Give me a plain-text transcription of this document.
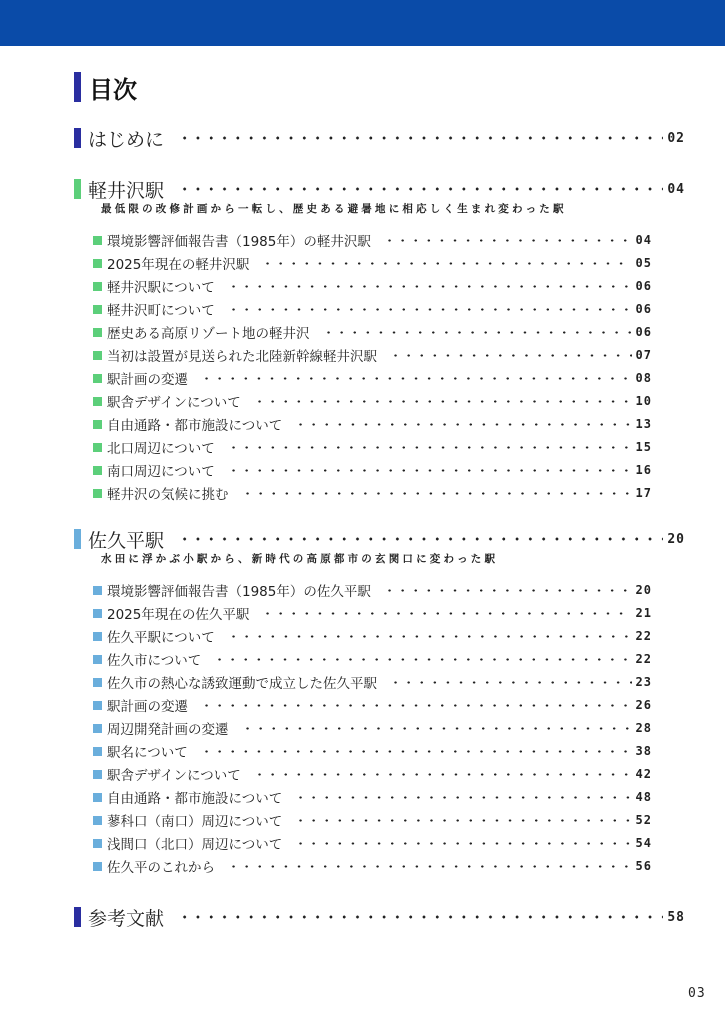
目次
はじめに	02
軽井沢駅	04
最低限の改修計画から一転し、歴史ある避暑地に相応しく生まれ変わった駅
環境影響評価報告書（1985年）の軽井沢駅	04
2025年現在の軽井沢駅	05
軽井沢駅について	06
軽井沢町について	06
歴史ある高原リゾート地の軽井沢	06
当初は設置が見送られた北陸新幹線軽井沢駅	07
駅計画の変遷	08
駅舎デザインについて	10
自由通路・都市施設について	13
北口周辺について	15
南口周辺について	16
軽井沢の気候に挑む	17
佐久平駅	20
水田に浮かぶ小駅から、新時代の高原都市の玄関口に変わった駅
環境影響評価報告書（1985年）の佐久平駅	20
2025年現在の佐久平駅	21
佐久平駅について	22
佐久市について	22
佐久市の熱心な誘致運動で成立した佐久平駅	23
駅計画の変遷	26
周辺開発計画の変遷	28
駅名について	38
駅舎デザインについて	42
自由通路・都市施設について	48
蓼科口（南口）周辺について	52
浅間口（北口）周辺について	54
佐久平のこれから	56
参考文献	58
03
